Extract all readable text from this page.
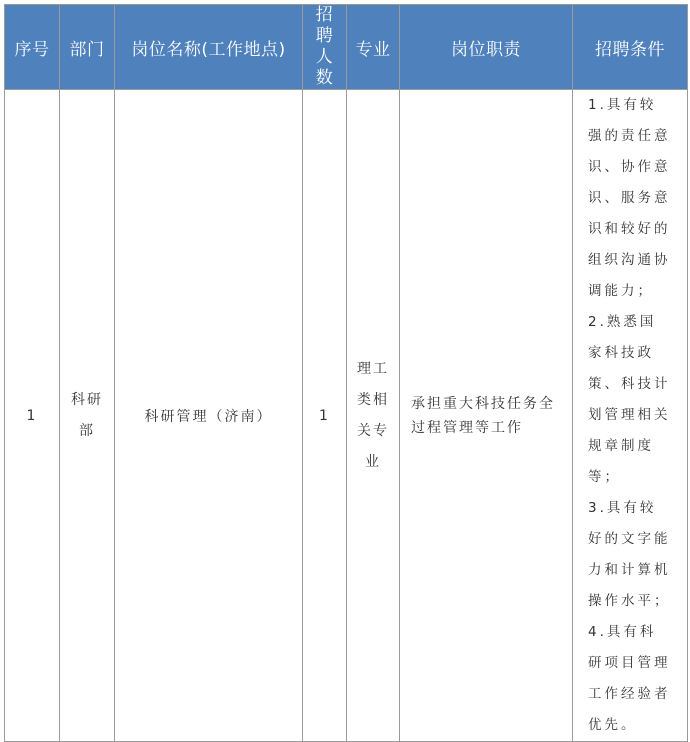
序号	部门	岗位名称(工作地点)	招聘人数	专业	岗位职责	招聘条件
1	科研部	科研管理（济南）	1	理工类相关专业	承担重大科技任务全过程管理等工作	1.具有较强的责任意识、协作意识、服务意识和较好的组织沟通协调能力；
2.熟悉国家科技政策、科技计划管理相关规章制度等；
3.具有较好的文字能力和计算机操作水平；
4.具有科研项目管理工作经验者优先。
